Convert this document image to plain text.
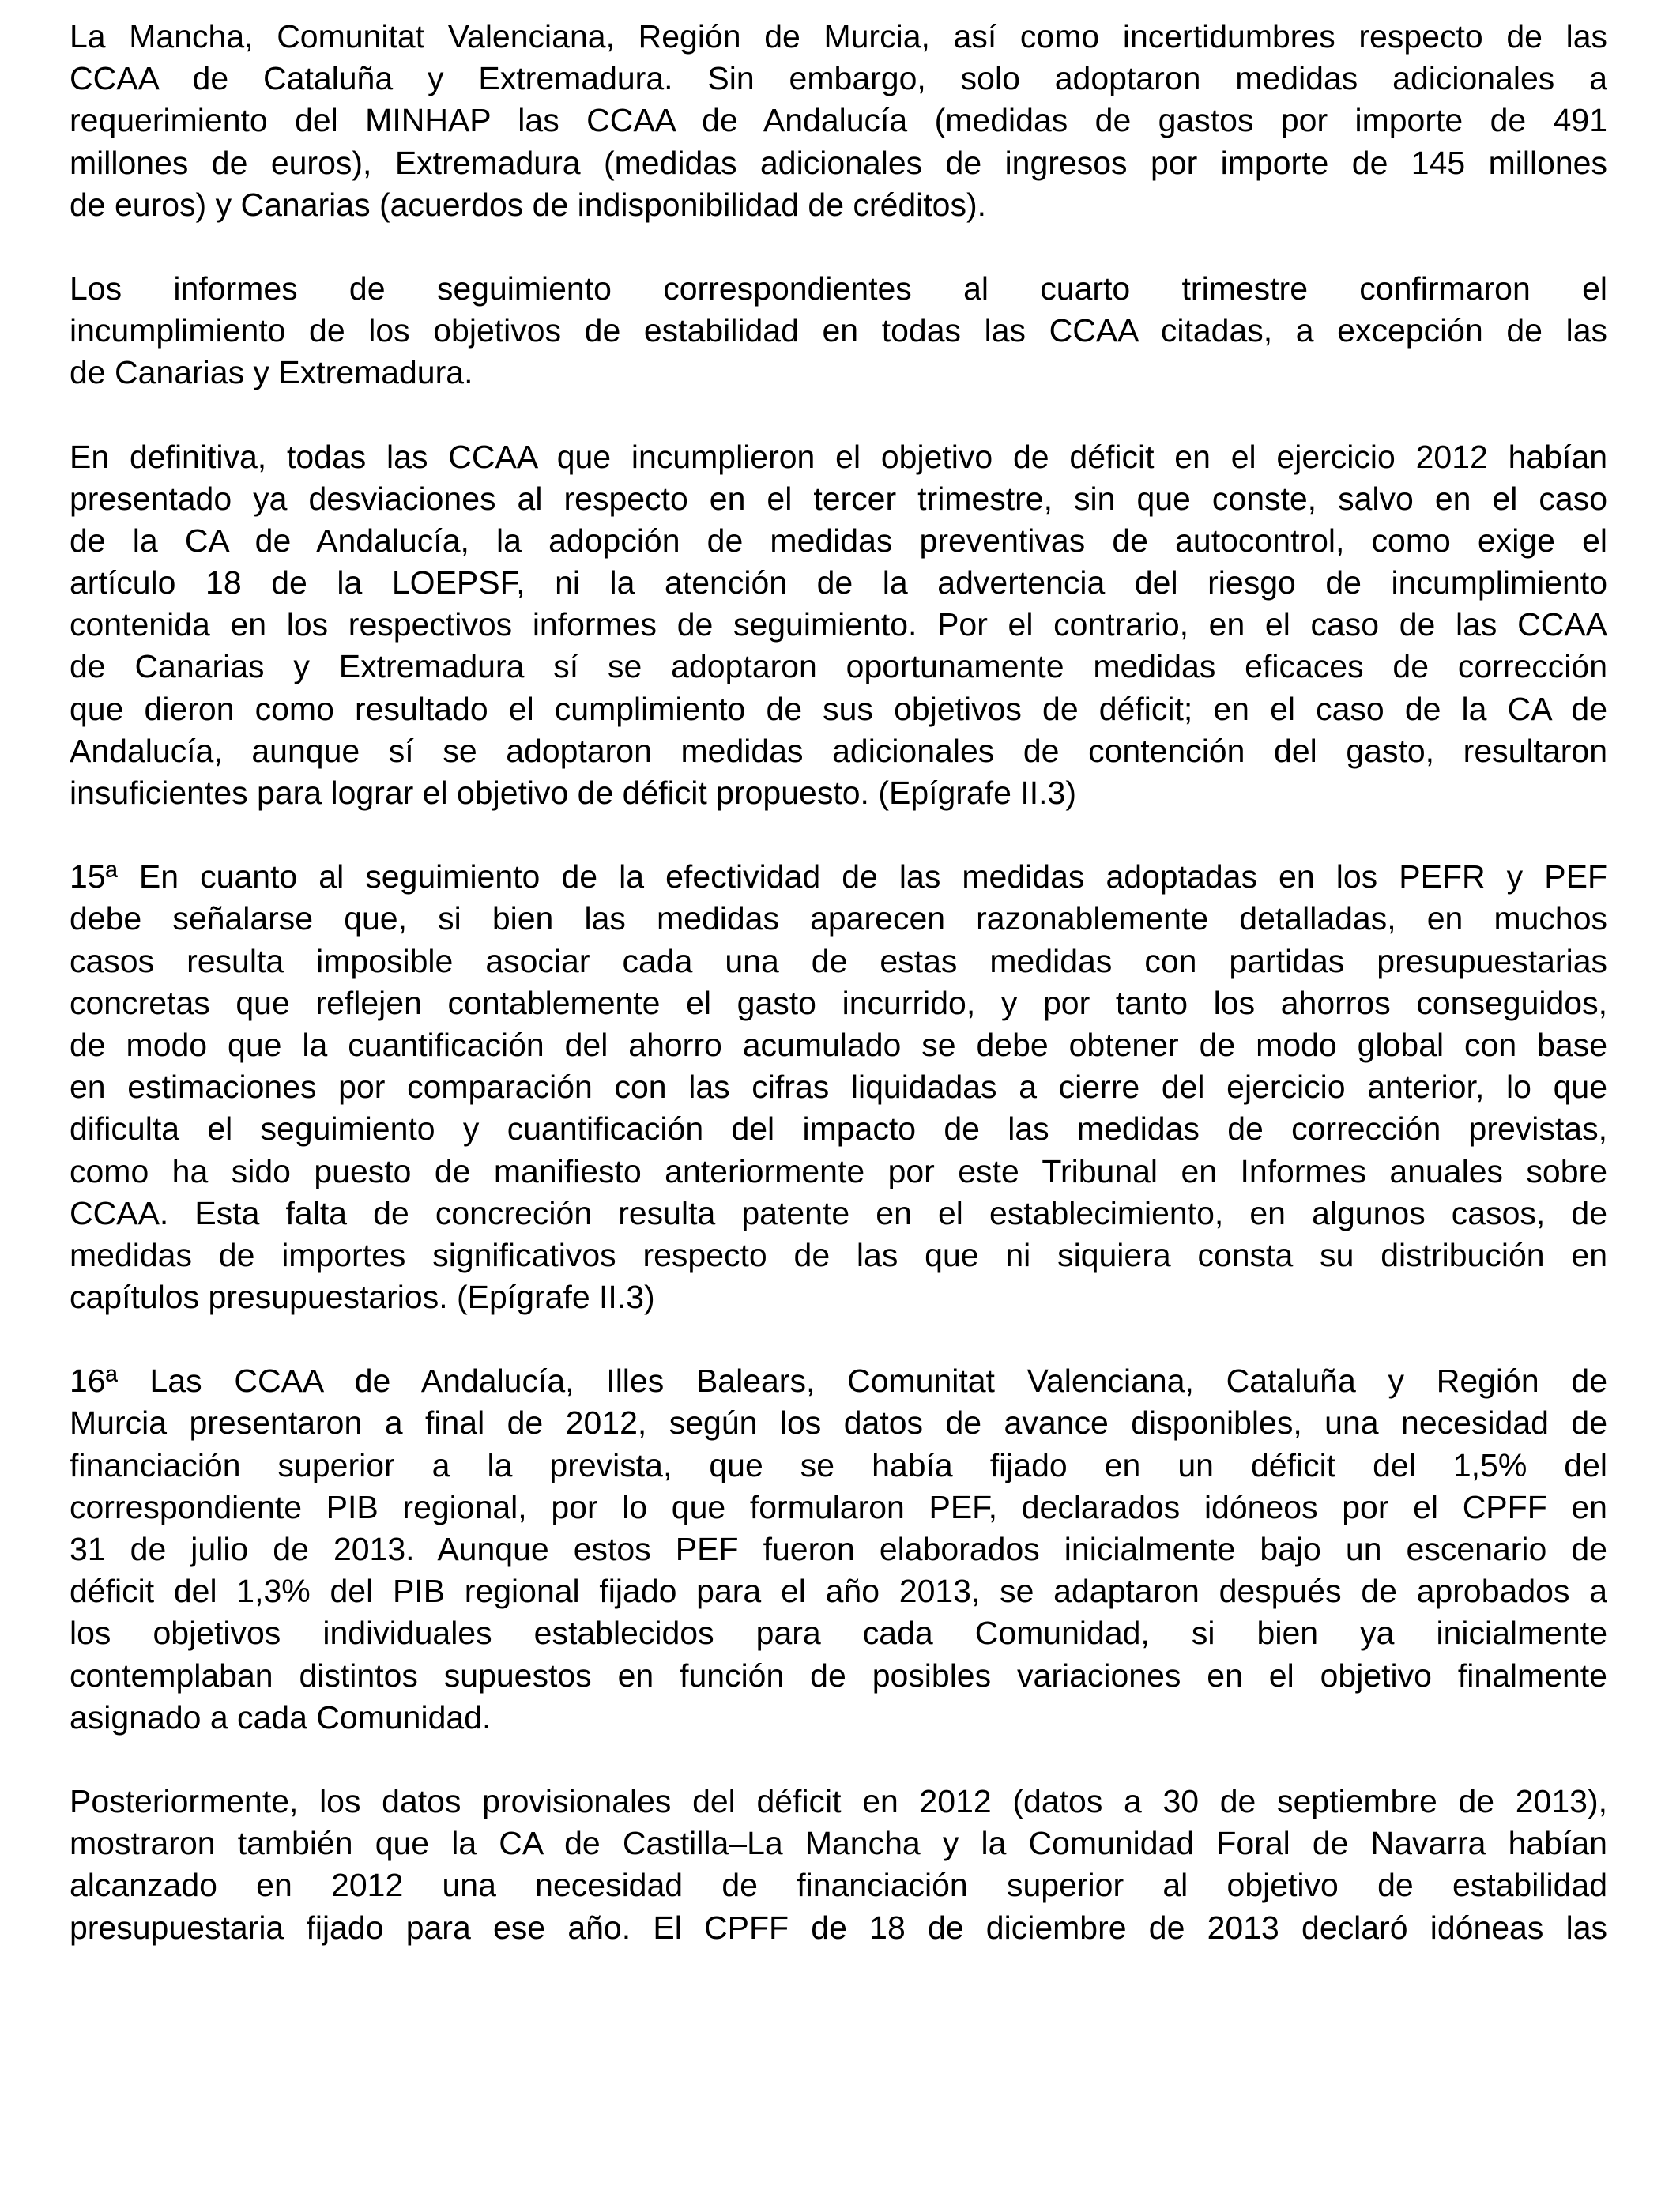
La Mancha, Comunitat Valenciana, Región de Murcia, así como incertidumbres respecto de las
CCAA de Cataluña y Extremadura. Sin embargo, solo adoptaron medidas adicionales a
requerimiento del MINHAP las CCAA de Andalucía (medidas de gastos por importe de 491
millones de euros), Extremadura (medidas adicionales de ingresos por importe de 145 millones
de euros) y Canarias (acuerdos de indisponibilidad de créditos).

Los informes de seguimiento correspondientes al cuarto trimestre confirmaron el
incumplimiento de los objetivos de estabilidad en todas las CCAA citadas, a excepción de las
de Canarias y Extremadura.

En definitiva, todas las CCAA que incumplieron el objetivo de déficit en el ejercicio 2012 habían
presentado ya desviaciones al respecto en el tercer trimestre, sin que conste, salvo en el caso
de la CA de Andalucía, la adopción de medidas preventivas de autocontrol, como exige el
artículo 18 de la LOEPSF, ni la atención de la advertencia del riesgo de incumplimiento
contenida en los respectivos informes de seguimiento. Por el contrario, en el caso de las CCAA
de Canarias y Extremadura sí se adoptaron oportunamente medidas eficaces de corrección
que dieron como resultado el cumplimiento de sus objetivos de déficit; en el caso de la CA de
Andalucía, aunque sí se adoptaron medidas adicionales de contención del gasto, resultaron
insuficientes para lograr el objetivo de déficit propuesto. (Epígrafe II.3)

15ª En cuanto al seguimiento de la efectividad de las medidas adoptadas en los PEFR y PEF
debe señalarse que, si bien las medidas aparecen razonablemente detalladas, en muchos
casos resulta imposible asociar cada una de estas medidas con partidas presupuestarias
concretas que reflejen contablemente el gasto incurrido, y por tanto los ahorros conseguidos,
de modo que la cuantificación del ahorro acumulado se debe obtener de modo global con base
en estimaciones por comparación con las cifras liquidadas a cierre del ejercicio anterior, lo que
dificulta el seguimiento y cuantificación del impacto de las medidas de corrección previstas,
como ha sido puesto de manifiesto anteriormente por este Tribunal en Informes anuales sobre
CCAA. Esta falta de concreción resulta patente en el establecimiento, en algunos casos, de
medidas de importes significativos respecto de las que ni siquiera consta su distribución en
capítulos presupuestarios. (Epígrafe II.3)

16ª Las CCAA de Andalucía, Illes Balears, Comunitat Valenciana, Cataluña y Región de
Murcia presentaron a final de 2012, según los datos de avance disponibles, una necesidad de
financiación superior a la prevista, que se había fijado en un déficit del 1,5% del
correspondiente PIB regional, por lo que formularon PEF, declarados idóneos por el CPFF en
31 de julio de 2013. Aunque estos PEF fueron elaborados inicialmente bajo un escenario de
déficit del 1,3% del PIB regional fijado para el año 2013, se adaptaron después de aprobados a
los objetivos individuales establecidos para cada Comunidad, si bien ya inicialmente
contemplaban distintos supuestos en función de posibles variaciones en el objetivo finalmente
asignado a cada Comunidad.

Posteriormente, los datos provisionales del déficit en 2012 (datos a 30 de septiembre de 2013),
mostraron también que la CA de Castilla–La Mancha y la Comunidad Foral de Navarra habían
alcanzado en 2012 una necesidad de financiación superior al objetivo de estabilidad
presupuestaria fijado para ese año. El CPFF de 18 de diciembre de 2013 declaró idóneas las
